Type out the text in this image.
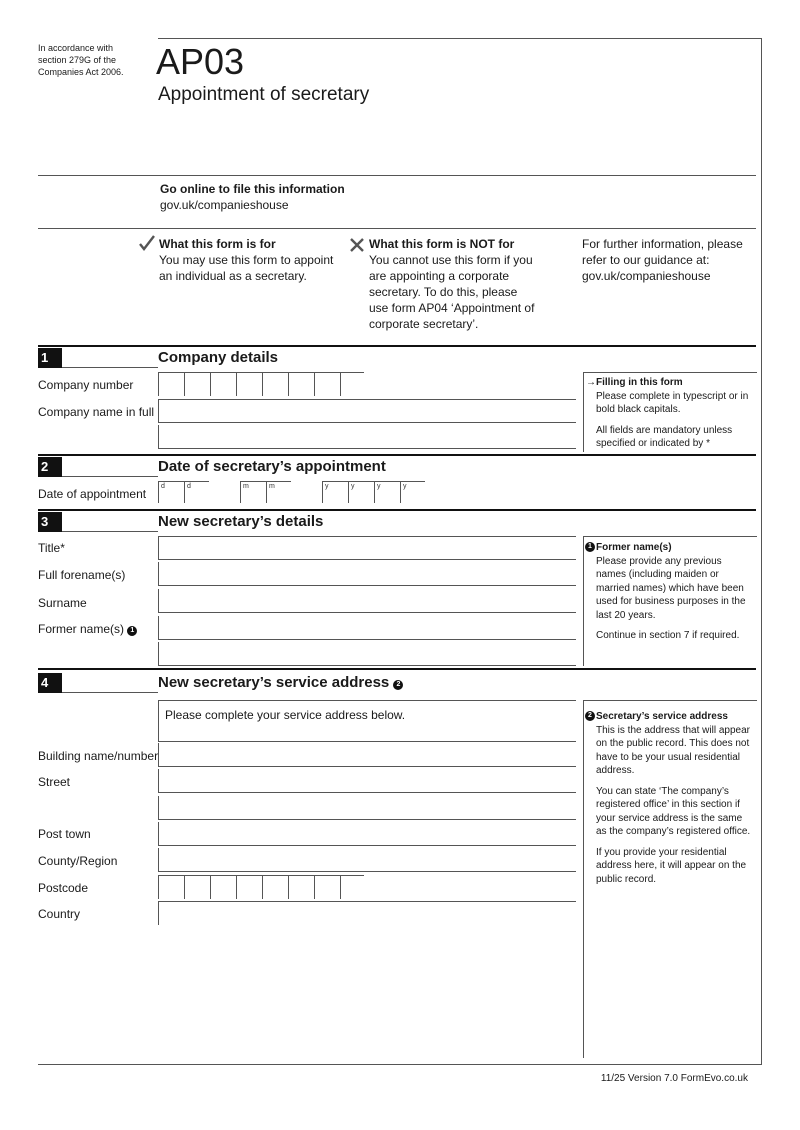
In accordance with section 279G of the Companies Act 2006. AP03
Appointment of secretary
Go online to file this information
gov.uk/companieshouse
What this form is for
You may use this form to appoint an individual as a secretary.
What this form is NOT for
You cannot use this form if you are appointing a corporate secretary. To do this, please use form AP04 ‘Appointment of corporate secretary’.
For further information, please refer to our guidance at: gov.uk/companieshouse
1	Company details
Company number
Company name in full
→ Filling in this form
Please complete in typescript or in bold black capitals.
All fields are mandatory unless specified or indicated by *
2	Date of secretary’s appointment
Date of appointment
d	d	m	m	y	y	y	y
3	New secretary’s details
Title*
Full forename(s)
Surname
Former name(s) 1
1 Former name(s)
Please provide any previous names (including maiden or married names) which have been used for business purposes in the last 20 years.
Continue in section 7 if required.
4	New secretary’s service address 2
Please complete your service address below.
Building name/number
Street
Post town
County/Region
Postcode
Country
2 Secretary’s service address
This is the address that will appear on the public record. This does not have to be your usual residential address.
You can state ‘The company’s registered office’ in this section if your service address is the same as the company’s registered office.
If you provide your residential address here, it will appear on the public record.
11/25 Version 7.0 FormEvo.co.uk
